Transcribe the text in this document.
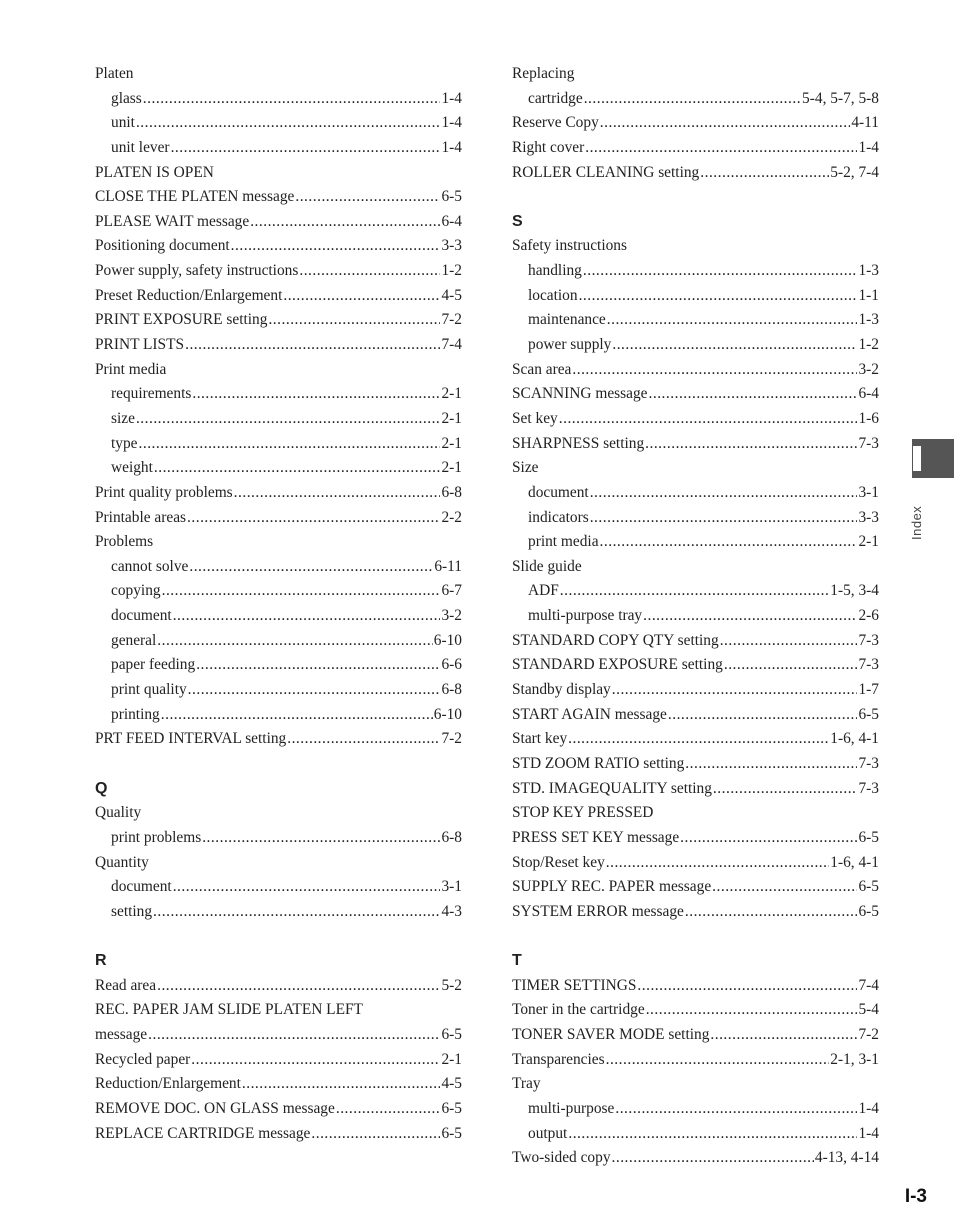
Platen
glass .....	1-4
unit .....	1-4
unit lever .....	1-4
PLATEN IS OPEN
CLOSE THE PLATEN message .....	6-5
PLEASE WAIT message .....	6-4
Positioning document .....	3-3
Power supply, safety instructions .....	1-2
Preset Reduction/Enlargement .....	4-5
PRINT EXPOSURE setting .....	7-2
PRINT LISTS .....	7-4
Print media
requirements .....	2-1
size .....	2-1
type .....	2-1
weight .....	2-1
Print quality problems .....	6-8
Printable areas .....	2-2
Problems
cannot solve .....	6-11
copying .....	6-7
document .....	3-2
general .....	6-10
paper feeding .....	6-6
print quality .....	6-8
printing .....	6-10
PRT FEED INTERVAL setting .....	7-2
Q
Quality
print problems .....	6-8
Quantity
document .....	3-1
setting .....	4-3
R
Read area .....	5-2
REC. PAPER JAM SLIDE PLATEN LEFT
message .....	6-5
Recycled paper .....	2-1
Reduction/Enlargement .....	4-5
REMOVE DOC. ON GLASS message .....	6-5
REPLACE CARTRIDGE message .....	6-5
Replacing
cartridge .....	5-4, 5-7, 5-8
Reserve Copy .....	4-11
Right cover .....	1-4
ROLLER CLEANING setting .....	5-2, 7-4
S
Safety instructions
handling .....	1-3
location .....	1-1
maintenance .....	1-3
power supply .....	1-2
Scan area .....	3-2
SCANNING message .....	6-4
Set key .....	1-6
SHARPNESS setting .....	7-3
Size
document .....	3-1
indicators .....	3-3
print media .....	2-1
Slide guide
ADF .....	1-5, 3-4
multi-purpose tray .....	2-6
STANDARD COPY QTY setting .....	7-3
STANDARD EXPOSURE setting .....	7-3
Standby display .....	1-7
START AGAIN message .....	6-5
Start key .....	1-6, 4-1
STD ZOOM RATIO setting .....	7-3
STD. IMAGEQUALITY setting .....	7-3
STOP KEY PRESSED
PRESS SET KEY message .....	6-5
Stop/Reset key .....	1-6, 4-1
SUPPLY REC. PAPER message .....	6-5
SYSTEM ERROR message .....	6-5
T
TIMER SETTINGS .....	7-4
Toner in the cartridge .....	5-4
TONER SAVER MODE setting .....	7-2
Transparencies .....	2-1, 3-1
Tray
multi-purpose .....	1-4
output .....	1-4
Two-sided copy .....	4-13, 4-14
Index
I-3
